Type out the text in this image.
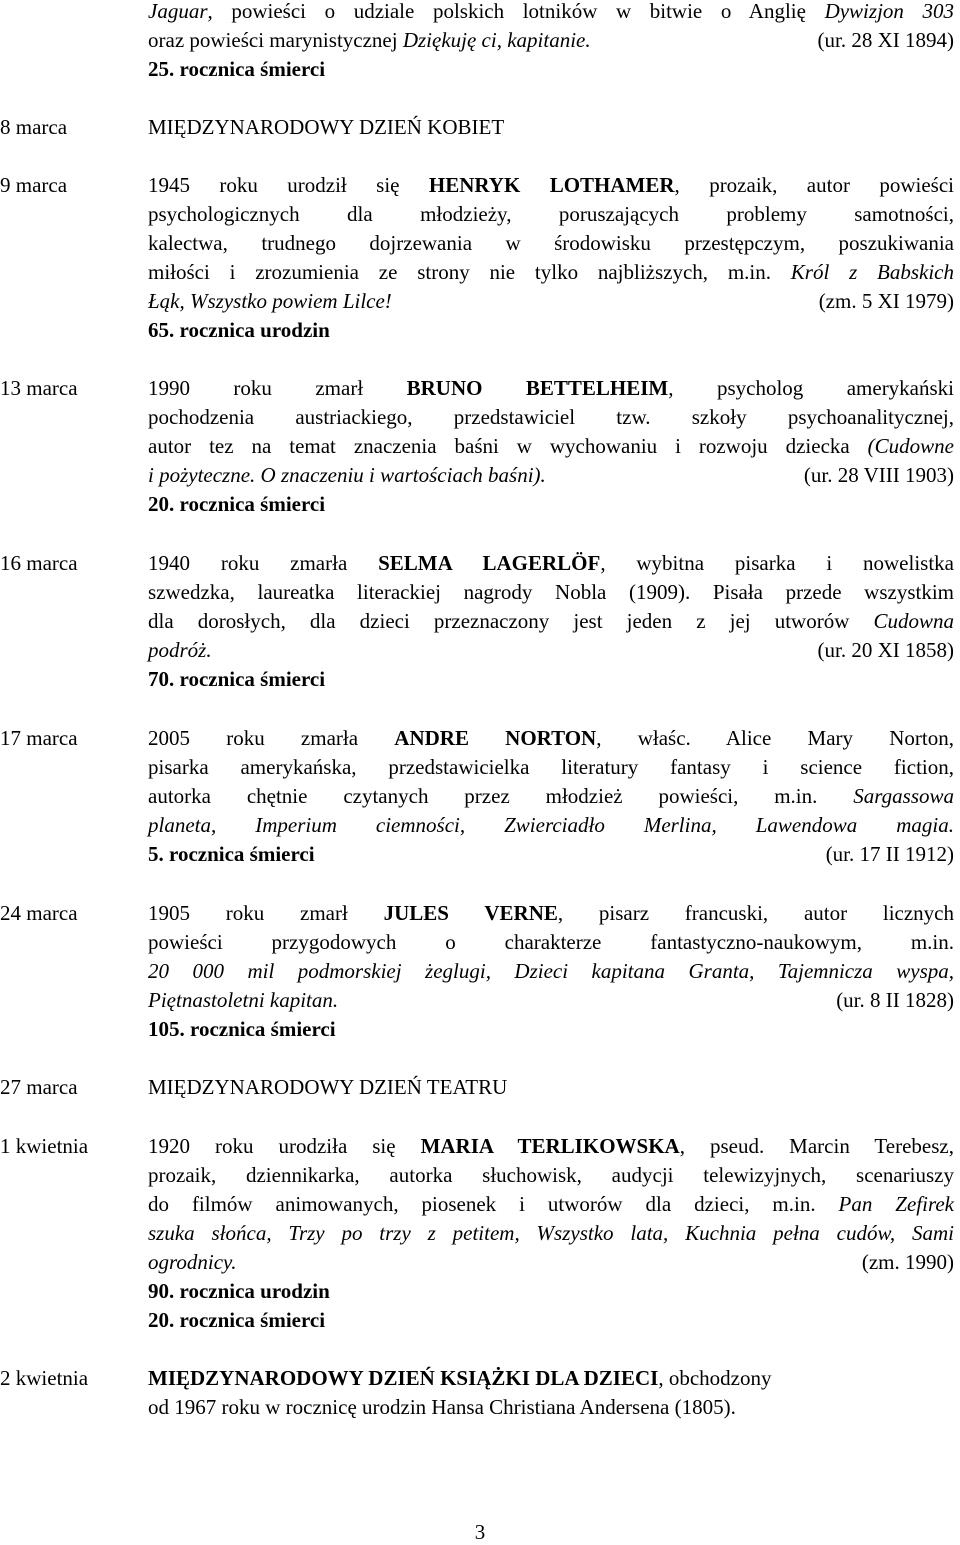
Jaguar, powieści o udziale polskich lotników w bitwie o Anglię Dywizjon 303
oraz powieści marynistycznej Dziękuję ci, kapitanie.	(ur. 28 XI 1894)
25. rocznica śmierci
8 marca	MIĘDZYNARODOWY DZIEŃ KOBIET
9 marca	1945 roku urodził się HENRYK LOTHAMER, prozaik, autor powieści
psychologicznych dla młodzieży, poruszających problemy samotności,
kalectwa, trudnego dojrzewania w środowisku przestępczym, poszukiwania
miłości i zrozumienia ze strony nie tylko najbliższych, m.in. Król z Babskich
Łąk, Wszystko powiem Lilce!	(zm. 5 XI 1979)
65. rocznica urodzin
13 marca	1990 roku zmarł BRUNO BETTELHEIM, psycholog amerykański
pochodzenia austriackiego, przedstawiciel tzw. szkoły psychoanalitycznej,
autor tez na temat znaczenia baśni w wychowaniu i rozwoju dziecka (Cudowne
i pożyteczne. O znaczeniu i wartościach baśni).	(ur. 28 VIII 1903)
20. rocznica śmierci
16 marca	1940 roku zmarła SELMA LAGERLÖF, wybitna pisarka i nowelistka
szwedzka, laureatka literackiej nagrody Nobla (1909). Pisała przede wszystkim
dla dorosłych, dla dzieci przeznaczony jest jeden z jej utworów Cudowna
podróż.	(ur. 20 XI 1858)
70. rocznica śmierci
17 marca	2005 roku zmarła ANDRE NORTON, właśc. Alice Mary Norton,
pisarka amerykańska, przedstawicielka literatury fantasy i science fiction,
autorka chętnie czytanych przez młodzież powieści, m.in. Sargassowa
planeta, Imperium ciemności, Zwierciadło Merlina, Lawendowa magia.
5. rocznica śmierci	(ur. 17 II 1912)
24 marca	1905 roku zmarł JULES VERNE, pisarz francuski, autor licznych
powieści przygodowych o charakterze fantastyczno-naukowym, m.in.
20 000 mil podmorskiej żeglugi, Dzieci kapitana Granta, Tajemnicza wyspa,
Piętnastoletni kapitan.	(ur. 8 II 1828)
105. rocznica śmierci
27 marca	MIĘDZYNARODOWY DZIEŃ TEATRU
1 kwietnia	1920 roku urodziła się MARIA TERLIKOWSKA, pseud. Marcin Terebesz,
prozaik, dziennikarka, autorka słuchowisk, audycji telewizyjnych, scenariuszy
do filmów animowanych, piosenek i utworów dla dzieci, m.in. Pan Zefirek
szuka słońca, Trzy po trzy z petitem, Wszystko lata, Kuchnia pełna cudów, Sami
ogrodnicy.	(zm. 1990)
90. rocznica urodzin
20. rocznica śmierci
2 kwietnia	MIĘDZYNARODOWY DZIEŃ KSIĄŻKI DLA DZIECI, obchodzony
od 1967 roku w rocznicę urodzin Hansa Christiana Andersena (1805).
3
